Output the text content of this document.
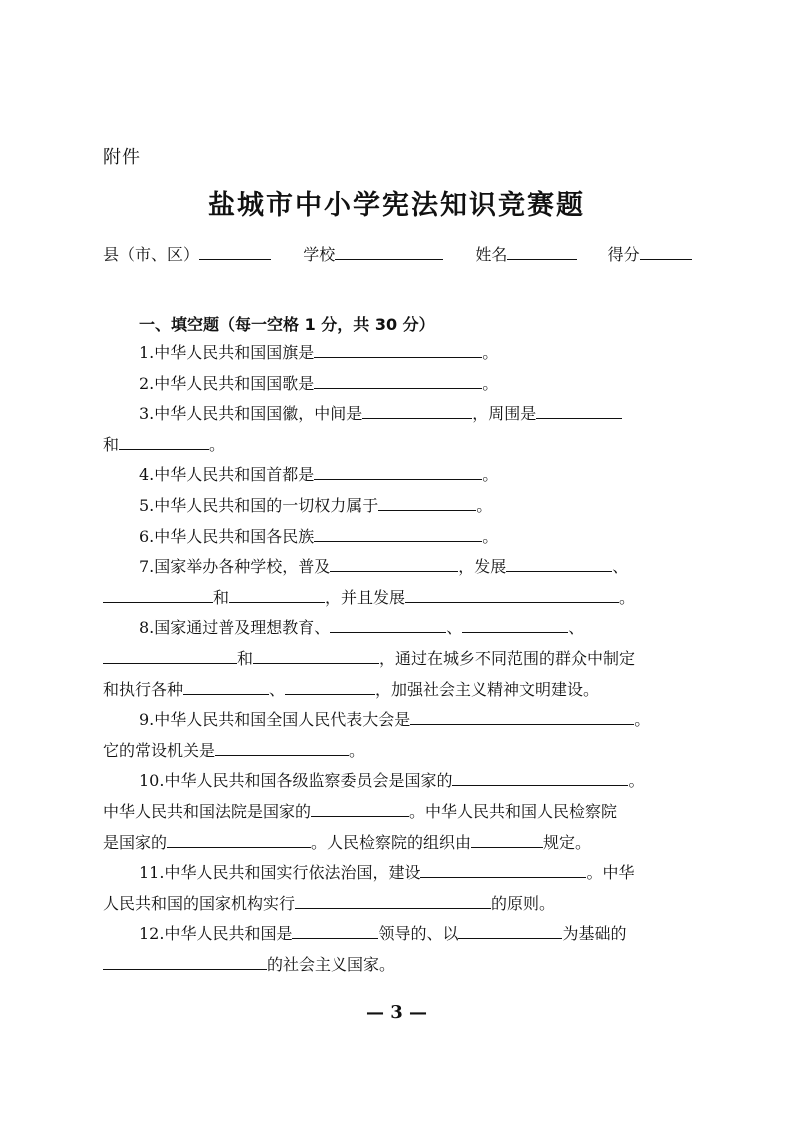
附件
盐城市中小学宪法知识竞赛题
县（市、区）	学校	姓名	得分
一、填空题（每一空格 1 分，共 30 分）
1.中华人民共和国国旗是	。
2.中华人民共和国国歌是	。
3.中华人民共和国国徽，中间是	，周围是
和	。
4.中华人民共和国首都是	。
5.中华人民共和国的一切权力属于	。
6.中华人民共和国各民族	。
7.国家举办各种学校，普及	，发展	、
和	，并且发展	。
8.国家通过普及理想教育、	、	、
和	，通过在城乡不同范围的群众中制定
和执行各种	、	，加强社会主义精神文明建设。
9.中华人民共和国全国人民代表大会是	。
它的常设机关是	。
10.中华人民共和国各级监察委员会是国家的	。
中华人民共和国法院是国家的	。中华人民共和国人民检察院
是国家的	。人民检察院的组织由	规定。
11.中华人民共和国实行依法治国，建设	。中华
人民共和国的国家机构实行	的原则。
12.中华人民共和国是	领导的、以	为基础的
的社会主义国家。
— 3 —
